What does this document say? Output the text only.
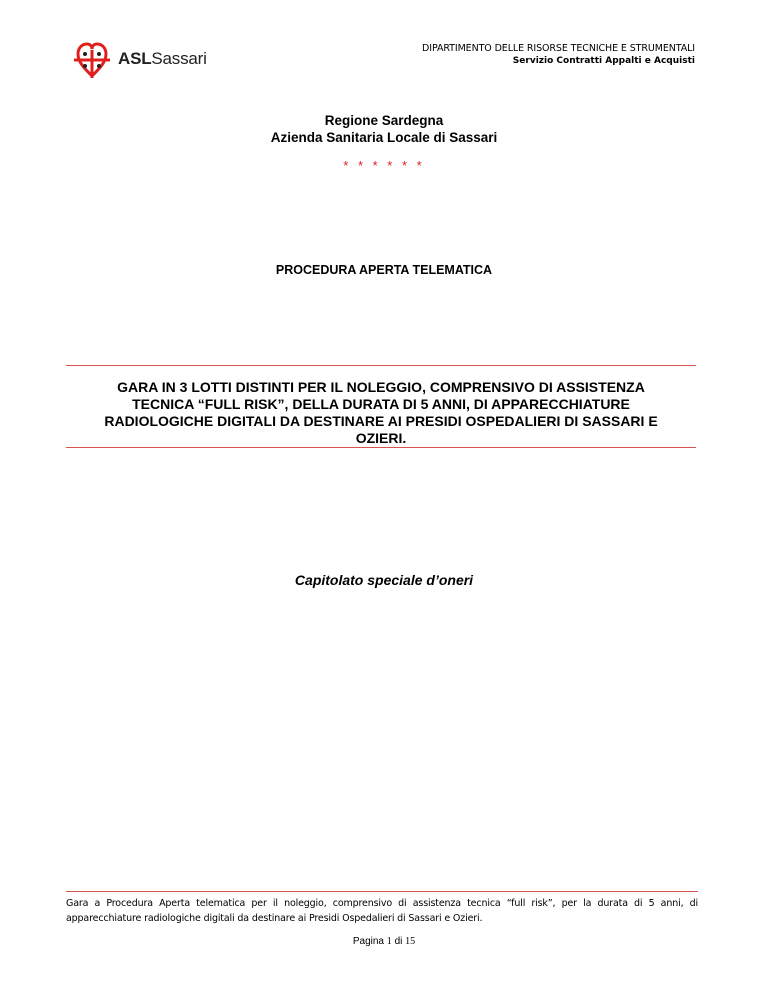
ASLSassari
DIPARTIMENTO DELLE RISORSE TECNICHE E STRUMENTALI
Servizio Contratti Appalti e Acquisti
Regione Sardegna
Azienda Sanitaria Locale di Sassari
* * * * * *
PROCEDURA APERTA TELEMATICA
GARA IN 3 LOTTI DISTINTI PER IL NOLEGGIO, COMPRENSIVO DI ASSISTENZA
TECNICA “FULL RISK”, DELLA DURATA DI 5 ANNI, DI APPARECCHIATURE
RADIOLOGICHE DIGITALI DA DESTINARE AI PRESIDI OSPEDALIERI DI SASSARI E
OZIERI.
Capitolato speciale d’oneri
Gara a Procedura Aperta telematica per il noleggio, comprensivo di assistenza tecnica “full risk”, per la durata di 5 anni, di apparecchiature radiologiche digitali da destinare ai Presidi Ospedalieri di Sassari e Ozieri.
Pagina 1 di 15
